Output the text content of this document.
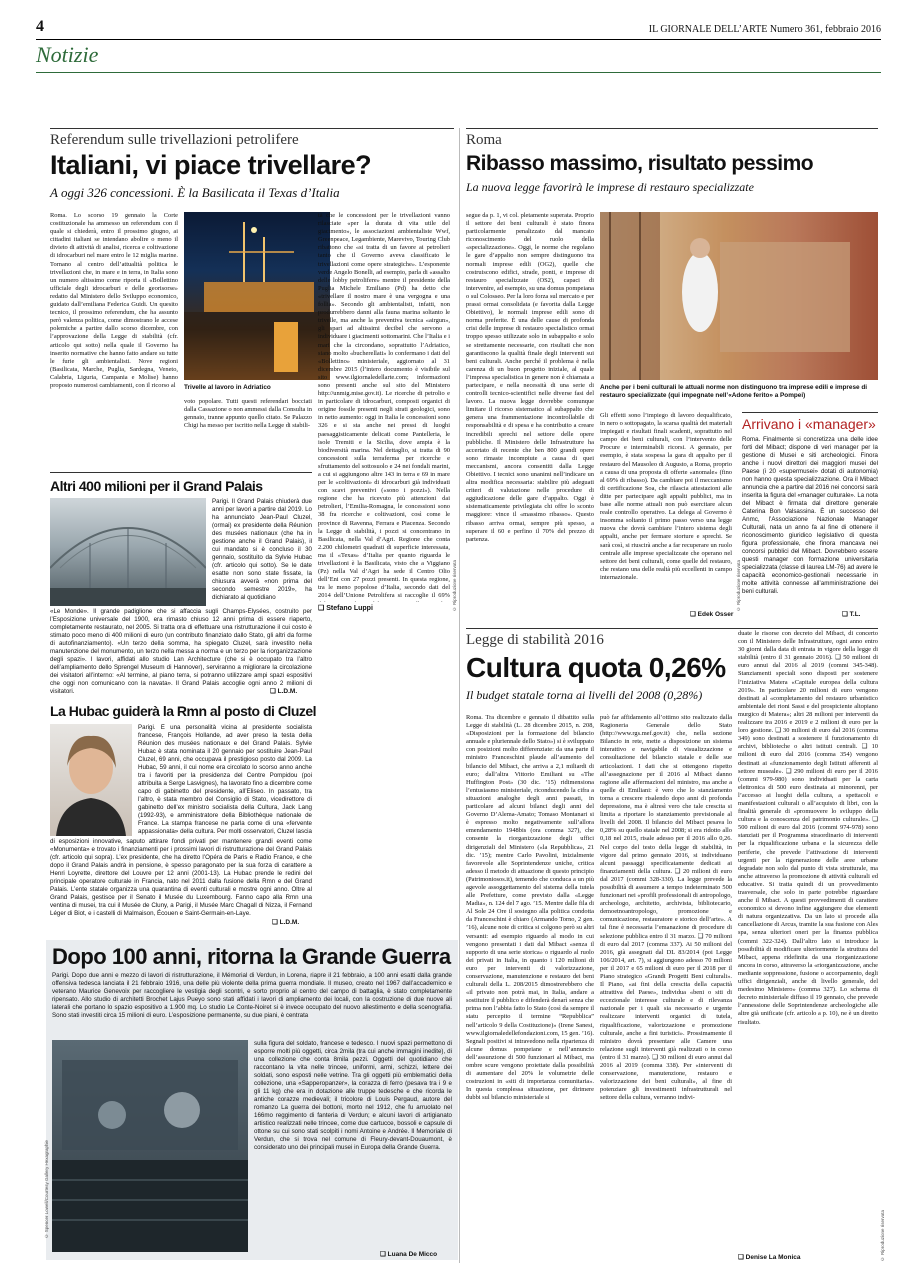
4	IL GIORNALE DELL’ARTE Numero 361, febbraio 2016
Notizie
Referendum sulle trivellazioni petrolifere
Italiani, vi piace trivellare?
A oggi 326 concessioni. È la Basilicata il Texas d’Italia
Roma. Lo scorso 19 gennaio la Corte costituzionale ha ammesso un referendum con il quale si chiederà, entro il prossimo giugno, ai cittadini italiani se intendano abolire o meno il divieto di attività di analisi, ricerca e coltivazione di idrocarburi nel mare entro le 12 miglia marine. Tornano al centro dell’attualità politica le trivellazioni che, in mare e in terra, in Italia sono un numero altissimo come riporta il «Bollettino ufficiale degli idrocarburi e delle georisorse» redatto dal Ministero dello Sviluppo economico, guidato dall’emiliana Federica Guidi. Un quesito tecnico, il prossimo referendum, che ha assunto però valenza politica, come dimostrano le accese polemiche a partire dallo scorso dicembre, con l’approvazione della Legge di stabilità (cfr. articolo qui sotto) nella quale il Governo ha inserito normative che hanno fatto andare su tutte le furie gli ambientalisti. Nove regioni (Basilicata, Marche, Puglia, Sardegna, Veneto, Calabria, Liguria, Campania e Molise) hanno proposto numerosi cambiamenti, con il ricorso al	Trivelle al lavoro in Adriatico
voto popolare. Tutti questi referendari bocciati dalla Cassazione o non ammessi dalla Consulta in gennaio, tranne appunto quello citato. Se Palazzo Chigi ha messo per iscritto nella Legge di stabili-
tà che le concessioni per le trivellazioni vanno rilasciate «per la durata di vita utile del giacimento», le associazioni ambientaliste Wwf, Greenpeace, Legambiente, Marevivo, Touring Club ribattono che «si tratta di un favore ai petrolieri tanto che il Governo aveva classificato le trivellazioni come opere strategiche». L’esponente verde Angelo Bonelli, ad esempio, parla di «assalto delle lobby petrolifere» mentre il presidente della Puglia Michele Emiliano (Pd) ha detto che «trivellare il nostro mare è una vergogna e una follia». Secondo gli ambientalisti, infatti, non produrrebbero danni alla fauna marina soltanto le trivelle, ma anche la preventiva tecnica «airgun», gli spari ad altissimi decibel che servono a individuare i giacimenti sottomarini. Che l’Italia e i mari che la circondano, soprattutto l’Adriatico, siano molto «bucherellati» lo confermano i dati del «Bollettino» ministeriale, aggiornato al 31 dicembre 2015 (l’intero documento è visibile sul sito www.ilgiornaledellarte.com; informazioni sono presenti anche sul sito del Ministero http://unmig.mise.gov.it). Le ricerche di petrolio e in particolare di idrocarburi, composti organici di origine fossile presenti negli strati geologici, sono in netto aumento: oggi in Italia le concessioni sono 326 e si sta anche nei pressi di luoghi paesaggisticamente delicati come Pantelleria, le isole Tremiti e la Sicilia, dove ampia è la biodiversità marina. Nel dettaglio, si tratta di 90 concessioni sulla terraferma per ricerche e sfruttamento del sottosuolo e 24 nei fondali marini, a cui si aggiungono altre 143 in terra e 69 in mare per le «coltivazioni» di idrocarburi già individuati con scavi preventivi («sono i pozzi»). Nella regione che ha ricevuto più attenzioni dai petrolieri, l’Emilia-Romagna, le concessioni sono 38 fra ricerche e coltivazioni, così come le province di Ravenna, Ferrara e Piacenza. Secondo la Legge di stabilità, i pozzi si concentrano in Basilicata, nella Val d’Agri. Regione che conta 2.200 chilometri quadrati di superficie interessata, ma il «Texas» d’Italia per quanto riguarda le trivellazioni è la Basilicata, visto che a Viggiano (Pz) nella Val d’Agri ha sede il Centro Olio dell’Eni con 27 pozzi presenti. In questa regione, tra le meno popolose d’Italia, secondo dati del 2014 dell’Unione Petrolifera si raccoglie il 69%
❑ Stefano Luppi	© Riproduzione riservata
Altri 400 milioni per il Grand Palais
Parigi. Il Grand Palais chiuderà due anni per lavori a partire dal 2019. Lo ha annunciato Jean-Paul Cluzel, (ormai) ex presidente della Réunion des musées nationaux (che ha in gestione anche il Grand Palais), il cui mandato si è concluso il 30 gennaio, sostituito da Sylvie Hubac (cfr. articolo qui sotto). Se le date esatte non sono state fissate, la chiusura avverà «non prima del secondo semestre 2019», ha dichiarato al quotidiano
«Le Monde». Il grande padiglione che si affaccia sugli Champs-Élysées, costruito per l’Esposizione universale del 1900, era rimasto chiuso 12 anni prima di essere riaperto, completamente restaurato, nel 2005. Si tratta ora di effettuare una ristrutturazione il cui costo è stimato poco meno di 400 milioni di euro (un contributo finanziato dallo Stato, gli altri da forme di autofinanziamento). «Un terzo della somma, ha spiegato Cluzel, sarà investito nella manutenzione del monumento, un terzo nella messa a norma e un terzo per la riorganizzazione degli spazi». I lavori, affidati allo studio Lan Architecture (che si è occupato tra l’altro dell’ampliamento dello Sprengel Museum di Hannover), serviranno a migliorare la circolazione dei visitatori all’interno: «Al termine, al piano terra, si potranno utilizzare ampi spazi espositivi che oggi non comunicano con la navata». Il Grand Palais accoglie ogni anno 2 milioni di visitatori.	❑ L.D.M.
La Hubac guiderà la Rmn al posto di Cluzel
Parigi. È una personalità vicina al presidente socialista francese, François Hollande, ad aver preso la testa della Réunion des musées nationaux e del Grand Palais. Sylvie Hubac è stata nominata il 20 gennaio per sostituire Jean-Paul Cluzel, 69 anni, che occupava il prestigioso posto dal 2009. La Hubac, 59 anni, il cui nome era circolato lo scorso anno anche tra i favoriti per la presidenza del Centre Pompidou (poi attribuita a Serge Lasvignes), ha lavorato fino a dicembre come capo di gabinetto del presidente, all’Eliseo. In passato, tra l’altro, è stata membro del Consiglio di Stato, vicedirettore di gabinetto dell’ex ministro socialista della Cultura, Jack Lang (1992-93), e amministratore della Bibliothèque nationale de France. La stampa francese ne parla come di una «fervente appassionata» della cultura. Per molti osservatori, Cluzel lascia
di esposizioni innovative, saputo attirare fondi privati per mantenere grandi eventi come «Monumenta» e trovato i finanziamenti per i prossimi lavori di ristrutturazione del Grand Palais (cfr. articolo qui sopra). L’ex presidente, che ha diretto l’Opéra de Paris e Radio France, e che dopo il Grand Palais andrà in pensione, è spesso paragonato per la sua forza di carattere a Henri Loyrette, direttore del Louvre per 12 anni (2001-13). La Hubac prende le redini del principale operatore culturale in Francia, nato nel 2011 dalla fusione della Rmn e del Grand Palais. L’ente statale organizza una quarantina di eventi culturali e mostre ogni anno. Oltre al Grand Palais, gestisce per il Senato il Musée du Luxembourg. Fanno capo alla Rmn una ventina di musei, tra cui il Musée de Cluny, a Parigi, il Musée Marc Chagall di Nizza, il Fernand Léger di Biot, e i castelli di Malmaison, Écouen e Saint-Germain-en-Laye.
❑ L.D.M.
Dopo 100 anni, ritorna la Grande Guerra
Parigi. Dopo due anni e mezzo di lavori di ristrutturazione, il Mémorial di Verdun, in Lorena, riapre il 21 febbraio, a 100 anni esatti dalla grande offensiva tedesca lanciata il 21 febbraio 1916, una delle più violente della prima guerra mondiale. Il museo, creato nel 1967 dall’accademico e veterano Maurice Genevoix per raccogliere le vestigia degli scontri, e sorto proprio al centro del campo di battaglia, è stato completamente ripensato. Allo studio di architetti Brochet Lajus Pueyo sono stati affidati i lavori di ampliamento dei locali, con la costruzione di due nuove ali laterali che portano lo spazio espositivo a 1.900 mq. Lo studio Le Conte-Noiret si è invece occupato del nuovo allestimento e della scenografia. Sono stati investiti circa 15 milioni di euro. L’esposizione permanente, su due piani, è centrata
© Spencer Lowell/Courtesy Gallery Hexagraphie
sulla figura del soldato, francese e tedesco. I nuovi spazi permettono di esporre molti più oggetti, circa 2mila (tra cui anche immagini inedite), di una collezione che conta 8mila pezzi. Oggetti del quotidiano che raccontano la vita nelle trincee, uniformi, armi, schizzi, lettere dei soldati, sono esposti nelle vetrine. Tra gli oggetti più emblematici della collezione, una «Sapperopanzer», la corazza di ferro (pesava tra i 9 e gli 11 kg) che era in dotazione alle truppe tedesche e che ricorda le antiche corazze medievali; il tricolore di Louis Pergaud, autore del romanzo La guerra dei bottoni, morto nel 1912, che fu arruolato nel 166mo reggimento di fanteria di Verdun; e alcuni lavori di artigianato artistico realizzati nelle trincee, come due cartucce, bossoli e capsule di ottone su cui sono stati scolpiti i nomi Antoine e Andrée. Il Memoriale di Verdun, che si trova nel comune di Fleury-devant-Douaumont, è considerato uno dei principali musei in Europa della Grande Guerra.
❑ Luana De Micco
Roma
Ribasso massimo, risultato pessimo
La nuova legge favorirà le imprese di restauro specializzate
segue da p. 1, vi col. pletamente superata. Proprio il settore dei beni culturali è stato finora particolarmente penalizzato dal mancato riconoscimento del ruolo della «specializzazione». Oggi, le norme che regolano le gare d’appalto non sempre distinguono tra normali imprese edili (OG2), quelle che costruiscono edifici, strade, ponti, e imprese di restauro specializzate (OS2), capaci di intervenire, ad esempio, su una domus pompeiana o sul Colosseo. Per la loro forza sul mercato e per prassi ormai consolidata (e favorita dalla Legge Obiettivo), le normali imprese edili sono di norma preferite. È una delle cause di profonda crisi delle imprese di restauro specialistico ormai troppo spesso utilizzate solo in subappalto e solo se strettamente necessarie, con risultati che non garantiscono la qualità finale degli interventi sui beni culturali. Anche perché il problema è nella carenza di un buon progetto iniziale, al quale l’impresa specialistica in genere non è chiamata a partecipare, e nella necessità di una serie di controlli tecnico-scientifici nelle diverse fasi del lavoro. La nuova legge dovrebbe comunque limitare il ricorso sistematico al subappalto che genera una frammentazione incontrollabile di responsabilità e di spesa e ha contribuito a creare incredibili sprechi nel settore delle opere pubbliche. Il Ministero delle Infrastrutture ha accertato di recente che ben 800 grandi opere sono rimaste incompiute a causa di quei meccanismi, ancora consentiti dalla Legge Obiettivo. I tecnici sono unanimi nell’indicare un altra modifica necessaria: stabilire più adeguati criteri di valutazione nelle procedure di aggiudicazione delle gare d’appalto. Oggi è sistematicamente privilegiata chi offre lo sconto maggiore: vince il «massimo ribasso». Questo ribasso arriva ormai, sempre più spesso, a superare il 60 e perfino il 70% del prezzo di partenza.
Anche per i beni culturali le attuali norme non distinguono tra imprese edili e imprese di restauro specializzate (qui impegnate nell’«Adone ferito» a Pompei)
Gli effetti sono l’impiego di lavoro dequalificato, in nero o sottopagato, la scarsa qualità dei materiali impiegati e risultati finali scadenti, soprattutto nel campo dei beni culturali, con l’intervento delle Procure e interminabili ricorsi. A gennaio, per esempio, è stata sospesa la gara di appalto per il restauro del Mausoleo di Augusto, a Roma, proprio a causa di una proposta di offerte «anomale» (fino al 69% di ribasso). Da cambiare poi il meccanismo di certificazione Soa, che rilascia attestazioni alle ditte per partecipare agli appalti pubblici, ma in base alle norme attuali non può esercitare alcun reale controllo operativo. La delega al Governo è insomma soltanto il primo passo verso una legge nuova che dovrà cambiare l’intero sistema degli appalti, anche per fermare storture e sprechi. Se sarà così, si riuscirà anche a far recuperare un ruolo centrale alle imprese specializzate che operano nel settore dei beni culturali, come quelle del restauro, che restano una delle realtà più eccellenti in campo internazionale.
❑ Edek Osser
© Riproduzione riservata
Arrivano i «manager»
Roma. Finalmente si concretizza una delle idee forti del Mibact; dispone di veri manager per la gestione di Musei e siti archeologici. Finora anche i nuovi direttori dei maggiori musei del Paese (i 20 «supermusei» dotati di autonomia) non hanno questa specializzazione. Ora il Mibact annuncia che a partire dal 2016 nei concorsi sarà inserita la figura del «manager culturale». La nota del Mibact è firmata dal direttore generale Caterina Bon Valsassina. È un successo del Anmc, l’Associazione Nazionale Manager Culturali, nata un anno fa al fine di ottenere il riconoscimento giuridico legislativo di questa figura professionale, che finora mancava nei concorsi pubblici del Mibact. Dovrebbero essere questi manager con formazione universitaria specializzata (classe di laurea LM-76) ad avere le capacità economico-gestionali necessarie in molte attività connesse all’amministrazione dei beni culturali.
❑ T.L.
Legge di stabilità 2016
Cultura quota 0,26%
Il budget statale torna ai livelli del 2008 (0,28%)
Roma. Tra dicembre e gennaio il dibattito sulla Legge di stabilità (L. 28 dicembre 2015, n. 208, «Disposizioni per la formazione del bilancio annuale e pluriennale dello Stato») si è sviluppato con posizioni molto differenziate: da una parte il ministro Franceschini plaude all’aumento del bilancio del Mibact, che arriva a 2,1 miliardi di euro; dall’altra Vittorio Emiliani su «The Huffington Post» (30 dic. ’15) ridimensiona l’entusiasmo ministeriale, riconducendo la cifra a situazioni analoghe degli anni passati, in particolare ad alcuni bilanci degli anni del Governo D’Alema-Amato; Tomaso Montanari si è espresso molto negativamente sull’allora emendamento 1948bis (ora comma 327), che consente la riorganizzazione degli uffici dirigenziali del Ministero («la Repubblica», 21 dic. ’15); mentre Carlo Pavolini, inizialmente favorevole alle Soprintendenze uniche, critica adesso il metodo di attuazione di questo principio (Patrimoniosos.it), temendo che conduca a un più agevole assoggettamento del sistema della tutela alle Prefetture, come previsto dalla «Legge Madia», n. 124 del 7 ago. ’15. Mentre dalle fila di Al Sole 24 Ore il sostegno alla politica condotta da Franceschini è chiaro (Armando Torno, 2 gen. ’16), alcune note di critica si colgono però su altri versanti: ad esempio riguardo al modo in cui vengono presentati i dati dal Mibact «senza il supporto di una serie storica» o riguardo al ruolo dei privati in Italia, in quanto i 120 milioni di euro per interventi di valorizzazione, conservazione, manutenzione e restauro dei beni culturali della L. 208/2015 dimostrerebbero che «il privato non potrà mai, in Italia, andare a sostituire il pubblico e difenderà denarì senza che prima non l’abbia fatto lo Stato (così da sempre il statu percepito il termine “Repubblica” nell’articolo 9 della Costituzione)» (Irene Sanesi, www.ilgiornaledellefondazioni.com, 15 gen. ’16). Segnali positivi si intravedono nella ripartenza di alcune domus pompeiane e nell’annuncio dell’assunzione di 500 funzionari al Mibact, ma ombre scure vengono proiettate dalla possibilità di aumentare del 20% le volumetrie delle costruzioni in «siti di importanza comunitaria». In questa complessa situazione, per dirimere dubbi sul bilancio ministeriale si
può far affidamento all’ottimo sito realizzato dalla Ragioneria Generale dello Stato (http://www.rgs.mef.gov.it) che, nella sezione Bilancio in rete, mette a disposizione un sistema interattivo e navigabile di visualizzazione e consultazione del bilancio statale e delle sue articolazioni. I dati che si ottengono rispetto all’assegnazione per il 2016 al Mibact danno ragione alle affermazioni del ministro, ma anche a quelle di Emiliani: è vero che lo stanziamento torna a crescere risalendo dopo anni di profonda depressione, ma è altresì vero che tale crescita si limita a riportare lo stanziamento previsionale al livelli del 2008. Il bilancio del Mibact pesava lo 0,28% su quello statale nel 2008; si era ridotto allo 0,18 nel 2015, risale adesso per il 2016 allo 0,26. Nel corpo del testo della legge di stabilità, in vigore dal primo gennaio 2016, si individuano alcuni passaggi specificatamente dedicati ai finanziamenti della cultura. ❑ 20 milioni di euro dal 2017 (commi 328-330). La legge prevede la possibilità di assumere a tempo indeterminato 500 funzionari nei «profili professionali di antropologo, archeologo, architetto, archivista, bibliotecario, demoetnoantropologo, promozione e comunicazione, restauratore e storico dell’arte». A tal fine è necessaria l’emanazione di procedure di selezione pubblica entro il 31 marzo. ❑ 70 milioni di euro dal 2017 (comma 337). Ai 50 milioni del 2016, già assegnati dal DL 83/2014 (poi Legge 106/2014, art. 7), si aggiungono adesso 70 milioni per il 2017 e 65 milioni di euro per il 2018 per il Piano strategico «Grandi Progetti Beni culturali». Il Piano, «ai fini della crescita della capacità attrattiva del Paese», individua «beni o siti di eccezionale interesse culturale e di rilevanza nazionale per i quali sia necessario e urgente realizzare interventi organici di tutela, riqualificazione, valorizzazione e promozione culturale, anche a fini turistici». Prossimamente il ministro dovrà presentare alle Camere una relazione sugli interventi già realizzati o in corso (entro il 31 marzo). ❑ 30 milioni di euro annui dal 2016 al 2019 (comma 338). Per «interventi di conservazione, manutenzione, restauro e valorizzazione dei beni culturali», al fine di potenziare gli investimenti infrastrutturali nel settore della cultura, verranno indivi-
duate le risorse con decreto del Mibact, di concerto con il Ministero delle Infrastrutture, ogni anno entro 30 giorni dalla data di entrata in vigore della legge di stabilità (entro il 31 gennaio 2016). ❑ 50 milioni di euro annui dal 2016 al 2019 (commi 345-348). Stanziamenti speciali sono disposti per sostenere l’iniziativa Matera «Capitale europea della cultura 2019». In particolare 20 milioni di euro vengono destinati al «completamento del restauro urbanistico ambientale dei rioni Sassi e del prospiciente altopiano murgico di Matera»; altri 28 milioni per interventi da realizzare tra 2016 e 2019 e 2 milioni di euro per la loro gestione. ❑ 30 milioni di euro dal 2016 (comma 349) sono destinati a sostenere il funzionamento di archivi, biblioteche o altri istituti centrali. ❑ 10 milioni di euro dal 2016 (comma 354) vengono destinati ai «funzionamento degli Istituti afferenti al settore museale». ❑ 290 milioni di euro per il 2016 (commi 979-980) sono individuati per la carta elettronica di 500 euro destinata ai minorenni, per l’accesso ai luoghi della cultura, a spettacoli e manifestazioni culturali o all’acquisto di libri, con la finalità generale di «promuovere lo sviluppo della cultura e la conoscenza del patrimonio culturale». ❑ 500 milioni di euro dal 2016 (commi 974-978) sono stanziati per il Programma straordinario di interventi per la riqualificazione urbana e la sicurezza delle periferie, che prevede l’attivazione di interventi urgenti per la rigenerazione delle aree urbane degradate non solo dal punto di vista strutturale, ma anche attraverso la promozione di attività culturali ed educative. Si tratta quindi di un provvedimento trasversale, che solo in parte potrebbe riguardare anche il Mibact. A questi provvedimenti di carattere economico si devono infine aggiungere due elementi di natura organizzativa. Da un lato si procede alla cancellazione di Arcus, tramite la sua fusione con Ales spa, senza ulteriori oneri per la finanza pubblica (commi 322-324). Dall’altro lato si introduce la possibilità di modificare ulteriormente la struttura del Mibact, appena ridefinita da una riorganizzazione ancora in corso, attraverso la «riorganizzazione, anche mediante soppressione, fusione o accorpamento, degli uffici dirigenziali, anche di livello generale, del medesimo Ministero» (comma 327). Lo schema di decreto ministeriale diffuso il 19 gennaio, che prevede l’annessione delle Soprintendenze archeologiche alle altre già unificate (cfr. articolo a p. 10), ne è un diretto risultato.
❑ Denise La Monica	© Riproduzione riservata
